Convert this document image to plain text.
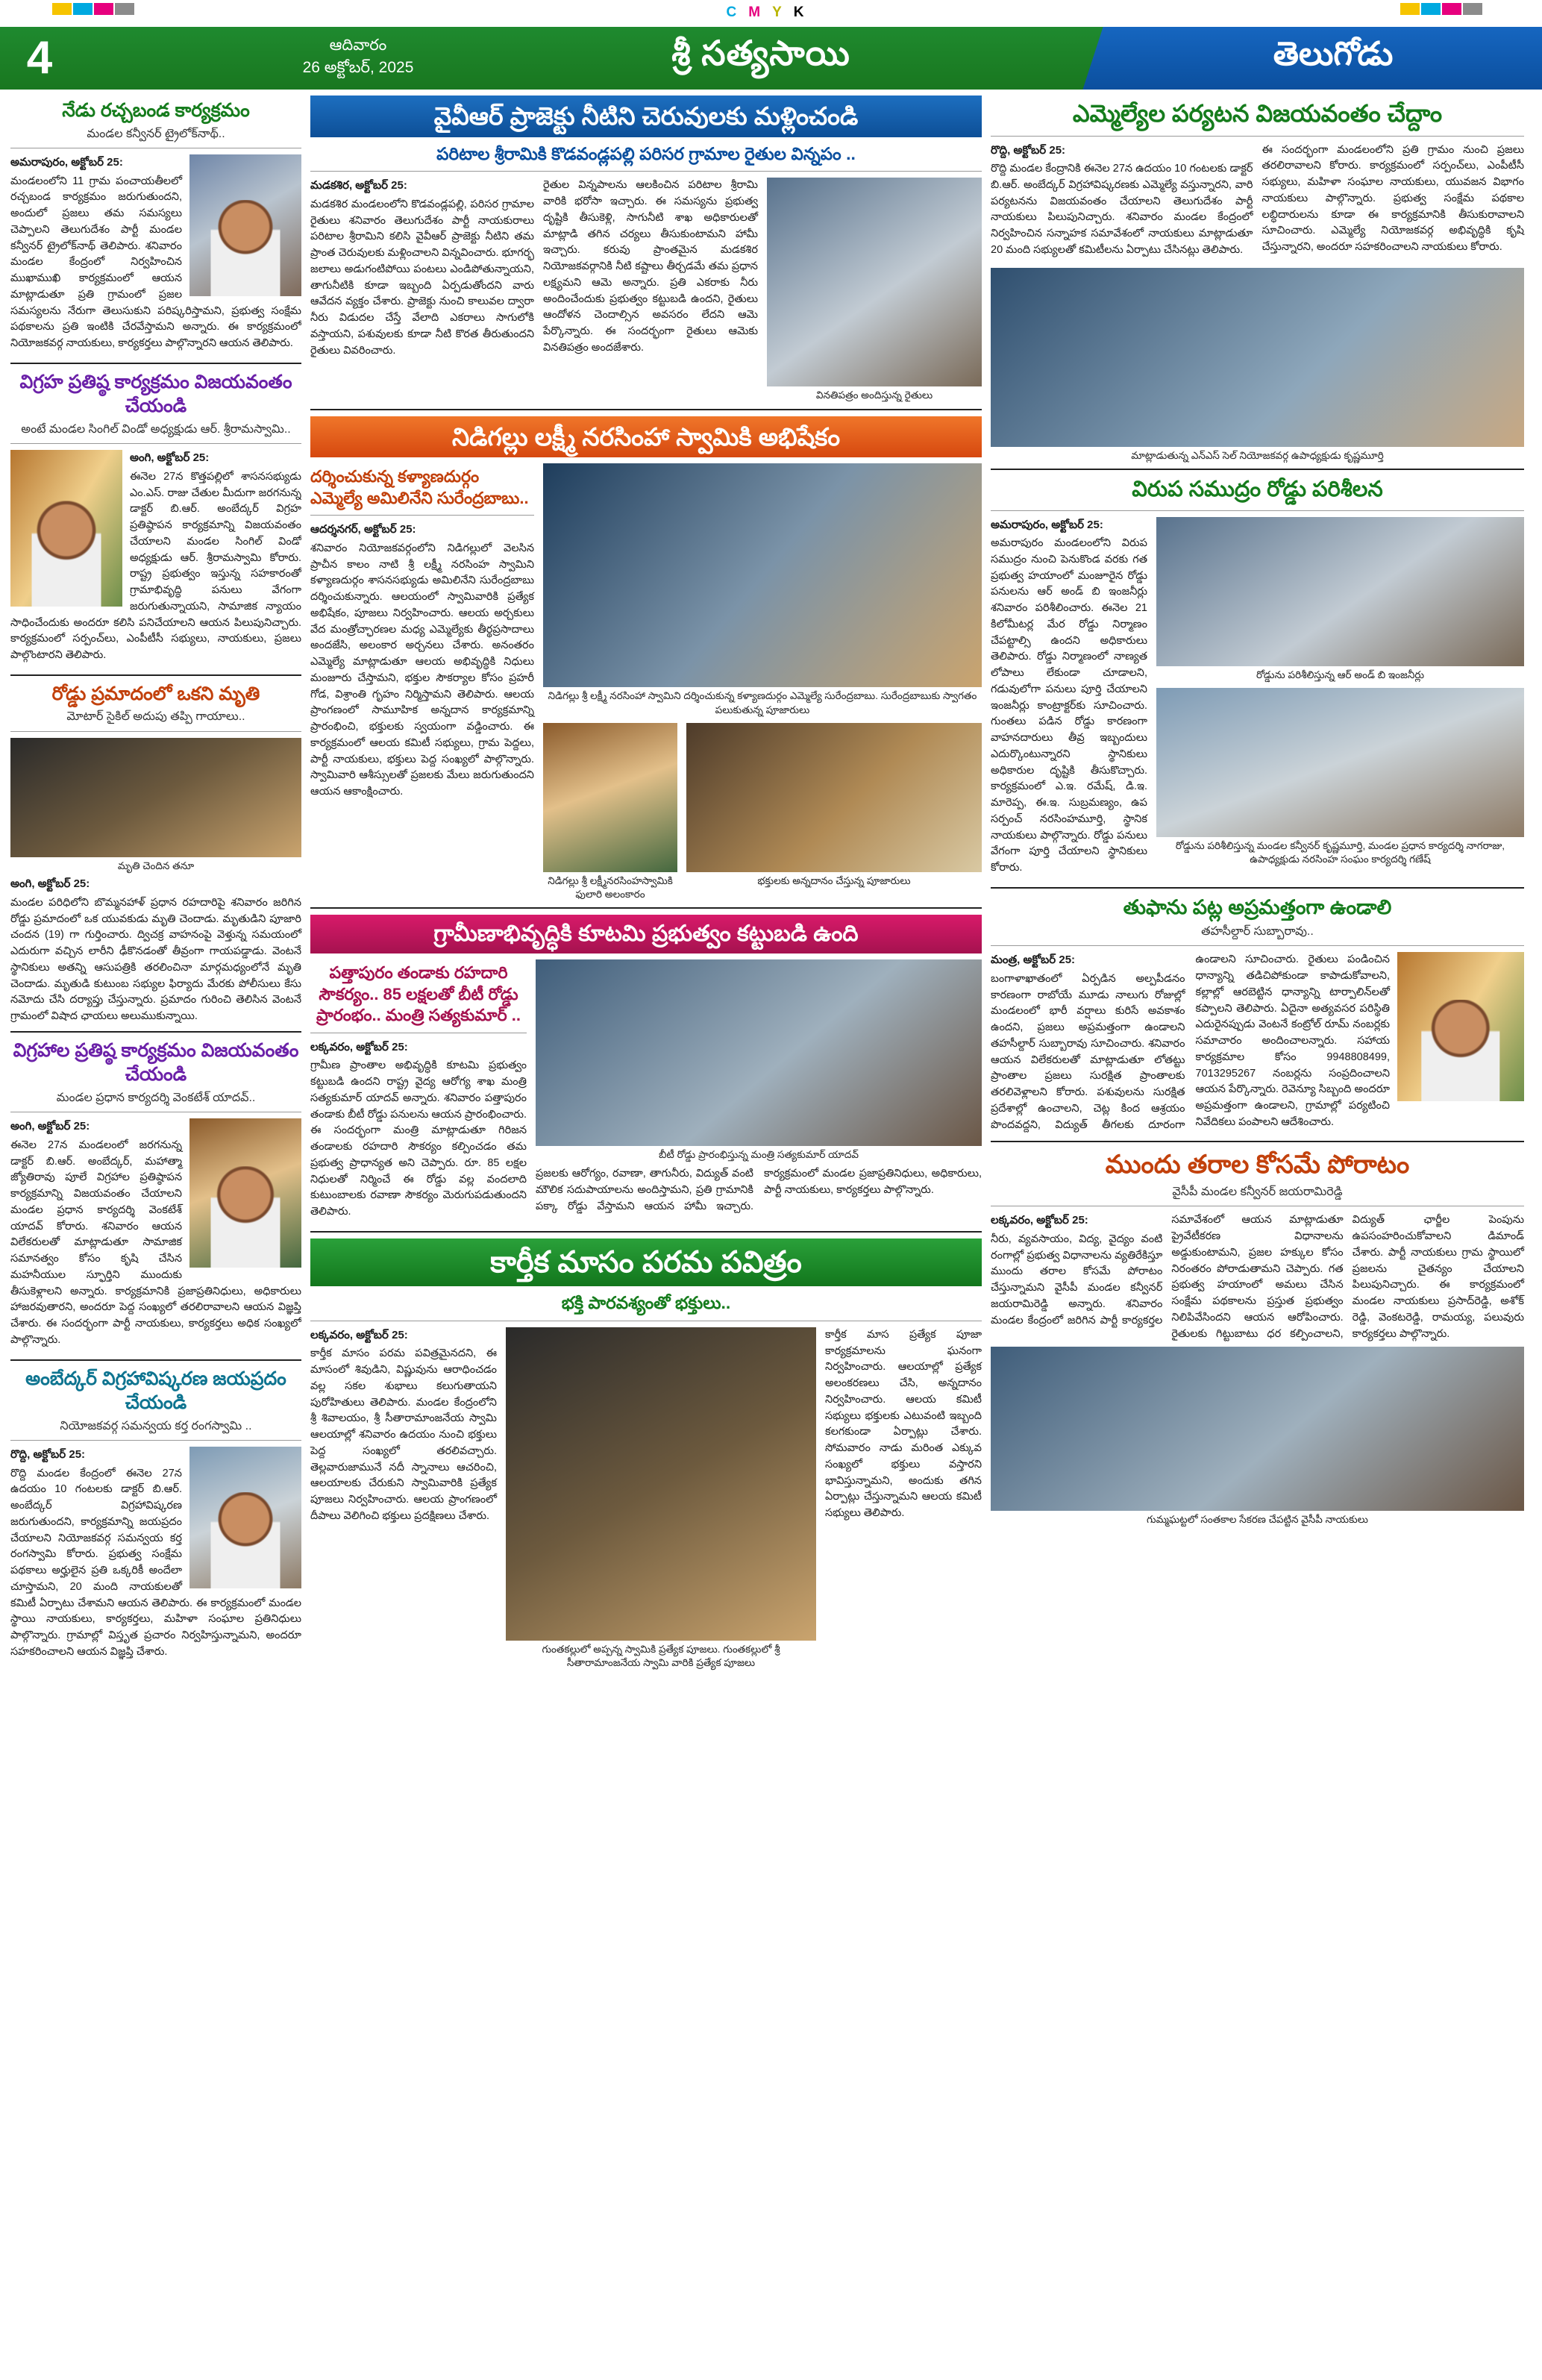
CMYK
4	ఆదివారం
26 అక్టోబర్, 2025	శ్రీ సత్యసాయి	తెలుగోడు
నేడు రచ్చబండ కార్యక్రమం
మండల కన్వీనర్ ట్రైలోక్‌నాథ్..
అమరాపురం, అక్టోబర్ 25:

మండలంలోని 11 గ్రామ పంచాయతీలలో రచ్చబండ కార్యక్రమం జరుగుతుందని, అందులో ప్రజలు తమ సమస్యలు చెప్పాలని తెలుగుదేశం పార్టీ మండల కన్వీనర్ ట్రైలోక్‌నాథ్ తెలిపారు. శనివారం మండల కేంద్రంలో నిర్వహించిన ముఖాముఖి కార్యక్రమంలో ఆయన మాట్లాడుతూ ప్రతి గ్రామంలో ప్రజల సమస్యలను నేరుగా తెలుసుకుని పరిష్కరిస్తామని, ప్రభుత్వ సంక్షేమ పథకాలను ప్రతి ఇంటికి చేరవేస్తామని అన్నారు. ఈ కార్యక్రమంలో నియోజకవర్గ నాయకులు, కార్యకర్తలు పాల్గొన్నారని ఆయన తెలిపారు.

విగ్రహ ప్రతిష్ఠ కార్యక్రమం విజయవంతం చేయండి
అంటే మండల సింగిల్ విండో అధ్యక్షుడు ఆర్. శ్రీరామస్వామి..
అంగి, అక్టోబర్ 25:

ఈనెల 27న కొత్తపల్లిలో శాసనసభ్యుడు ఎం.ఎస్. రాజు చేతుల మీదుగా జరగనున్న డాక్టర్ బి.ఆర్. అంబేద్కర్ విగ్రహ ప్రతిష్ఠాపన కార్యక్రమాన్ని విజయవంతం చేయాలని మండల సింగిల్ విండో అధ్యక్షుడు ఆర్. శ్రీరామస్వామి కోరారు. రాష్ట్ర ప్రభుత్వం ఇస్తున్న సహకారంతో గ్రామాభివృద్ధి పనులు వేగంగా జరుగుతున్నాయని, సామాజిక న్యాయం సాధించేందుకు అందరూ కలిసి పనిచేయాలని ఆయన పిలుపునిచ్చారు. కార్యక్రమంలో సర్పంచ్‌లు, ఎంపీటీసీ సభ్యులు, నాయకులు, ప్రజలు పాల్గొంటారని తెలిపారు.

రోడ్డు ప్రమాదంలో ఒకని మృతి
మోటార్ సైకిల్ అదుపు తప్పి గాయాలు..
మృతి చెందిన తనూ
అంగి, అక్టోబర్ 25:

మండల పరిధిలోని బొమ్మనహాళ్ ప్రధాన రహదారిపై శనివారం జరిగిన రోడ్డు ప్రమాదంలో ఒక యువకుడు మృతి చెందాడు. మృతుడిని పూజారి చందన (19) గా గుర్తించారు. ద్విచక్ర వాహనంపై వెళ్తున్న సమయంలో ఎదురుగా వచ్చిన లారీని ఢీకొనడంతో తీవ్రంగా గాయపడ్డాడు. వెంటనే స్థానికులు అతన్ని ఆసుపత్రికి తరలించినా మార్గమధ్యంలోనే మృతి చెందాడు. మృతుడి కుటుంబ సభ్యుల ఫిర్యాదు మేరకు పోలీసులు కేసు నమోదు చేసి దర్యాప్తు చేస్తున్నారు. ప్రమాదం గురించి తెలిసిన వెంటనే గ్రామంలో విషాద ఛాయలు అలుముకున్నాయి.

విగ్రహాల ప్రతిష్ఠ కార్యక్రమం విజయవంతం చేయండి
మండల ప్రధాన కార్యదర్శి వెంకటేశ్ యాదవ్..
అంగి, అక్టోబర్ 25:

ఈనెల 27న మండలంలో జరగనున్న డాక్టర్ బి.ఆర్. అంబేద్కర్, మహాత్మా జ్యోతిరావు పూలే విగ్రహాల ప్రతిష్ఠాపన కార్యక్రమాన్ని విజయవంతం చేయాలని మండల ప్రధాన కార్యదర్శి వెంకటేశ్ యాదవ్ కోరారు. శనివారం ఆయన విలేకరులతో మాట్లాడుతూ సామాజిక సమానత్వం కోసం కృషి చేసిన మహనీయుల స్ఫూర్తిని ముందుకు తీసుకెళ్లాలని అన్నారు. కార్యక్రమానికి ప్రజాప్రతినిధులు, అధికారులు హాజరవుతారని, అందరూ పెద్ద సంఖ్యలో తరలిరావాలని ఆయన విజ్ఞప్తి చేశారు. ఈ సందర్భంగా పార్టీ నాయకులు, కార్యకర్తలు అధిక సంఖ్యలో పాల్గొన్నారు.

అంబేద్కర్ విగ్రహావిష్కరణ జయప్రదం చేయండి
నియోజకవర్గ సమన్వయ కర్త రంగస్వామి ..
రొద్ది, అక్టోబర్ 25:

రొద్ది మండల కేంద్రంలో ఈనెల 27న ఉదయం 10 గంటలకు డాక్టర్ బి.ఆర్. అంబేద్కర్ విగ్రహావిష్కరణ జరుగుతుందని, కార్యక్రమాన్ని జయప్రదం చేయాలని నియోజకవర్గ సమన్వయ కర్త రంగస్వామి కోరారు. ప్రభుత్వ సంక్షేమ పథకాలు అర్హులైన ప్రతి ఒక్కరికీ అందేలా చూస్తామని, 20 మంది నాయకులతో కమిటీ ఏర్పాటు చేశామని ఆయన తెలిపారు. ఈ కార్యక్రమంలో మండల స్థాయి నాయకులు, కార్యకర్తలు, మహిళా సంఘాల ప్రతినిధులు పాల్గొన్నారు. గ్రామాల్లో విస్తృత ప్రచారం నిర్వహిస్తున్నామని, అందరూ సహకరించాలని ఆయన విజ్ఞప్తి చేశారు.

వైవీఆర్ ప్రాజెక్టు నీటిని చెరువులకు మళ్లించండి
పరిటాల శ్రీరామికి కొడవండ్లపల్లి పరిసర గ్రామాల రైతుల విన్నపం ..
మడకశిర, అక్టోబర్ 25:

మడకశిర మండలంలోని కొడవండ్లపల్లి, పరిసర గ్రామాల రైతులు శనివారం తెలుగుదేశం పార్టీ నాయకురాలు పరిటాల శ్రీరామిని కలిసి వైవీఆర్ ప్రాజెక్టు నీటిని తమ ప్రాంత చెరువులకు మళ్లించాలని విన్నవించారు. భూగర్భ జలాలు అడుగంటిపోయి పంటలు ఎండిపోతున్నాయని, తాగునీటికి కూడా ఇబ్బంది ఏర్పడుతోందని వారు ఆవేదన వ్యక్తం చేశారు. ప్రాజెక్టు నుంచి కాలువల ద్వారా నీరు విడుదల చేస్తే వేలాది ఎకరాలు సాగులోకి వస్తాయని, పశువులకు కూడా నీటి కొరత తీరుతుందని రైతులు వివరించారు.

రైతుల విన్నపాలను ఆలకించిన పరిటాల శ్రీరామి వారికి భరోసా ఇచ్చారు. ఈ సమస్యను ప్రభుత్వ దృష్టికి తీసుకెళ్లి, సాగునీటి శాఖ అధికారులతో మాట్లాడి తగిన చర్యలు తీసుకుంటామని హామీ ఇచ్చారు. కరువు ప్రాంతమైన మడకశిర నియోజకవర్గానికి నీటి కష్టాలు తీర్చడమే తమ ప్రధాన లక్ష్యమని ఆమె అన్నారు. ప్రతి ఎకరాకు నీరు అందించేందుకు ప్రభుత్వం కట్టుబడి ఉందని, రైతులు ఆందోళన చెందాల్సిన అవసరం లేదని ఆమె పేర్కొన్నారు. ఈ సందర్భంగా రైతులు ఆమెకు వినతిపత్రం అందజేశారు.

వినతిపత్రం అందిస్తున్న రైతులు
నిడిగల్లు లక్ష్మీ నరసింహా స్వామికి అభిషేకం
దర్శించుకున్న కళ్యాణదుర్గం ఎమ్మెల్యే అమిలినేని సురేంద్రబాబు..
ఆదర్శనగర్, అక్టోబర్ 25:

శనివారం నియోజకవర్గంలోని నిడిగల్లులో వెలసిన ప్రాచీన కాలం నాటి శ్రీ లక్ష్మీ నరసింహ స్వామిని కళ్యాణదుర్గం శాసనసభ్యుడు అమిలినేని సురేంద్రబాబు దర్శించుకున్నారు. ఆలయంలో స్వామివారికి ప్రత్యేక అభిషేకం, పూజలు నిర్వహించారు. ఆలయ అర్చకులు వేద మంత్రోచ్ఛారణల మధ్య ఎమ్మెల్యేకు తీర్థప్రసాదాలు అందజేసి, అలంకార అర్చనలు చేశారు. అనంతరం ఎమ్మెల్యే మాట్లాడుతూ ఆలయ అభివృద్ధికి నిధులు మంజూరు చేస్తామని, భక్తుల సౌకర్యాల కోసం ప్రహరీ గోడ, విశ్రాంతి గృహం నిర్మిస్తామని తెలిపారు. ఆలయ ప్రాంగణంలో సామూహిక అన్నదాన కార్యక్రమాన్ని ప్రారంభించి, భక్తులకు స్వయంగా వడ్డించారు. ఈ కార్యక్రమంలో ఆలయ కమిటీ సభ్యులు, గ్రామ పెద్దలు, పార్టీ నాయకులు, భక్తులు పెద్ద సంఖ్యలో పాల్గొన్నారు. స్వామివారి ఆశీస్సులతో ప్రజలకు మేలు జరుగుతుందని ఆయన ఆకాంక్షించారు.

నిడిగల్లు శ్రీ లక్ష్మీ నరసింహా స్వామిని దర్శించుకున్న కళ్యాణదుర్గం ఎమ్మెల్యే సురేంద్రబాబు. సురేంద్రబాబుకు స్వాగతం పలుకుతున్న పూజారులు
నిడిగల్లు శ్రీ లక్ష్మీనరసింహస్వామికి ఫులారి అలంకారం
భక్తులకు అన్నదానం చేస్తున్న పూజారులు
గ్రామీణాభివృద్ధికి కూటమి ప్రభుత్వం కట్టుబడి ఉంది
పత్తాపురం తండాకు రహదారి సౌకర్యం.. 85 లక్షలతో బీటీ రోడ్డు ప్రారంభం.. మంత్రి సత్యకుమార్ ..
లక్కవరం, అక్టోబర్ 25:

గ్రామీణ ప్రాంతాల అభివృద్ధికి కూటమి ప్రభుత్వం కట్టుబడి ఉందని రాష్ట్ర వైద్య ఆరోగ్య శాఖ మంత్రి సత్యకుమార్ యాదవ్ అన్నారు. శనివారం పత్తాపురం తండాకు బీటీ రోడ్డు పనులను ఆయన ప్రారంభించారు. ఈ సందర్భంగా మంత్రి మాట్లాడుతూ గిరిజన తండాలకు రహదారి సౌకర్యం కల్పించడం తమ ప్రభుత్వ ప్రాధాన్యత అని చెప్పారు. రూ. 85 లక్షల నిధులతో నిర్మించే ఈ రోడ్డు వల్ల వందలాది కుటుంబాలకు రవాణా సౌకర్యం మెరుగుపడుతుందని తెలిపారు.

బీటీ రోడ్డు ప్రారంభిస్తున్న మంత్రి సత్యకుమార్ యాదవ్

ప్రజలకు ఆరోగ్యం, రవాణా, తాగునీరు, విద్యుత్ వంటి మౌలిక సదుపాయాలను అందిస్తామని, ప్రతి గ్రామానికి పక్కా రోడ్డు వేస్తామని ఆయన హామీ ఇచ్చారు. కార్యక్రమంలో మండల ప్రజాప్రతినిధులు, అధికారులు, పార్టీ నాయకులు, కార్యకర్తలు పాల్గొన్నారు.

కార్తీక మాసం పరమ పవిత్రం
భక్తి పారవశ్యంతో భక్తులు..
లక్కవరం, అక్టోబర్ 25:

కార్తీక మాసం పరమ పవిత్రమైనదని, ఈ మాసంలో శివుడిని, విష్ణువును ఆరాధించడం వల్ల సకల శుభాలు కలుగుతాయని పురోహితులు తెలిపారు. మండల కేంద్రంలోని శ్రీ శివాలయం, శ్రీ సీతారామాంజనేయ స్వామి ఆలయాల్లో శనివారం ఉదయం నుంచి భక్తులు పెద్ద సంఖ్యలో తరలివచ్చారు. తెల్లవారుజామునే నదీ స్నానాలు ఆచరించి, ఆలయాలకు చేరుకుని స్వామివారికి ప్రత్యేక పూజలు నిర్వహించారు. ఆలయ ప్రాంగణంలో దీపాలు వెలిగించి భక్తులు ప్రదక్షిణలు చేశారు.

గుంతకల్లులో అప్పన్న స్వామికి ప్రత్యేక పూజలు. గుంతకల్లులో శ్రీ సీతారామాంజనేయ స్వామి వారికి ప్రత్యేక పూజలు

కార్తీక మాస ప్రత్యేక పూజా కార్యక్రమాలను ఘనంగా నిర్వహించారు. ఆలయాల్లో ప్రత్యేక అలంకరణలు చేసి, అన్నదానం నిర్వహించారు. ఆలయ కమిటీ సభ్యులు భక్తులకు ఎటువంటి ఇబ్బంది కలగకుండా ఏర్పాట్లు చేశారు. సోమవారం నాడు మరింత ఎక్కువ సంఖ్యలో భక్తులు వస్తారని భావిస్తున్నామని, అందుకు తగిన ఏర్పాట్లు చేస్తున్నామని ఆలయ కమిటీ సభ్యులు తెలిపారు.

ఎమ్మెల్యేల పర్యటన విజయవంతం చేద్దాం
రొద్ది, అక్టోబర్ 25:

రొద్ది మండల కేంద్రానికి ఈనెల 27న ఉదయం 10 గంటలకు డాక్టర్ బి.ఆర్. అంబేద్కర్ విగ్రహావిష్కరణకు ఎమ్మెల్యే వస్తున్నారని, వారి పర్యటనను విజయవంతం చేయాలని తెలుగుదేశం పార్టీ నాయకులు పిలుపునిచ్చారు. శనివారం మండల కేంద్రంలో నిర్వహించిన సన్నాహక సమావేశంలో నాయకులు మాట్లాడుతూ 20 మంది సభ్యులతో కమిటీలను ఏర్పాటు చేసినట్లు తెలిపారు.

ఈ సందర్భంగా మండలంలోని ప్రతి గ్రామం నుంచి ప్రజలు తరలిరావాలని కోరారు. కార్యక్రమంలో సర్పంచ్‌లు, ఎంపీటీసీ సభ్యులు, మహిళా సంఘాల నాయకులు, యువజన విభాగం నాయకులు పాల్గొన్నారు. ప్రభుత్వ సంక్షేమ పథకాల లబ్ధిదారులను కూడా ఈ కార్యక్రమానికి తీసుకురావాలని సూచించారు. ఎమ్మెల్యే నియోజకవర్గ అభివృద్ధికి కృషి చేస్తున్నారని, అందరూ సహకరించాలని నాయకులు కోరారు.

మాట్లాడుతున్న ఎన్‌ఎస్ సెల్ నియోజకవర్గ ఉపాధ్యక్షుడు కృష్ణమూర్తి
విరుప సముద్రం రోడ్డు పరిశీలన
అమరాపురం, అక్టోబర్ 25:

అమరాపురం మండలంలోని విరుప సముద్రం నుంచి పెనుకొండ వరకు గత ప్రభుత్వ హయాంలో మంజూరైన రోడ్డు పనులను ఆర్ అండ్ బి ఇంజనీర్లు శనివారం పరిశీలించారు. ఈనెల 21 కిలోమీటర్ల మేర రోడ్డు నిర్మాణం చేపట్టాల్సి ఉందని అధికారులు తెలిపారు. రోడ్డు నిర్మాణంలో నాణ్యత లోపాలు లేకుండా చూడాలని, గడువులోగా పనులు పూర్తి చేయాలని ఇంజనీర్లు కాంట్రాక్టర్‌కు సూచించారు. గుంతలు పడిన రోడ్డు కారణంగా వాహనదారులు తీవ్ర ఇబ్బందులు ఎదుర్కొంటున్నారని స్థానికులు అధికారుల దృష్టికి తీసుకొచ్చారు. కార్యక్రమంలో ఎ.ఇ. రమేష్, డి.ఇ. మారెప్ప, ఈ.ఇ. సుబ్రమణ్యం, ఉప సర్పంచ్ నరసింహమూర్తి, స్థానిక నాయకులు పాల్గొన్నారు. రోడ్డు పనులు వేగంగా పూర్తి చేయాలని స్థానికులు కోరారు.

రోడ్డును పరిశీలిస్తున్న ఆర్ అండ్ బి ఇంజనీర్లు
రోడ్డును పరిశీలిస్తున్న మండల కన్వీనర్ కృష్ణమూర్తి, మండల ప్రధాన కార్యదర్శి నాగరాజు, ఉపాధ్యక్షుడు నరసింహ సంఘం కార్యదర్శి గణేష్
తుఫాను పట్ల అప్రమత్తంగా ఉండాలి
తహసీల్దార్ సుబ్బారావు..
మంత్ర, అక్టోబర్ 25:

బంగాళాఖాతంలో ఏర్పడిన అల్పపీడనం కారణంగా రాబోయే మూడు నాలుగు రోజుల్లో మండలంలో భారీ వర్షాలు కురిసే అవకాశం ఉందని, ప్రజలు అప్రమత్తంగా ఉండాలని తహసీల్దార్ సుబ్బారావు సూచించారు. శనివారం ఆయన విలేకరులతో మాట్లాడుతూ లోతట్టు ప్రాంతాల ప్రజలు సురక్షిత ప్రాంతాలకు తరలివెళ్లాలని కోరారు. పశువులను సురక్షిత ప్రదేశాల్లో ఉంచాలని, చెట్ల కింద ఆశ్రయం పొందవద్దని, విద్యుత్ తీగలకు దూరంగా ఉండాలని సూచించారు. రైతులు పండించిన ధాన్యాన్ని తడిచిపోకుండా కాపాడుకోవాలని, కల్లాల్లో ఆరబెట్టిన ధాన్యాన్ని టార్పాలిన్‌లతో కప్పాలని తెలిపారు. ఏదైనా అత్యవసర పరిస్థితి ఎదురైనప్పుడు వెంటనే కంట్రోల్ రూమ్ నంబర్లకు సమాచారం అందించాలన్నారు. సహాయ కార్యక్రమాల కోసం 9948808499, 7013295267 నంబర్లను సంప్రదించాలని ఆయన పేర్కొన్నారు. రెవెన్యూ సిబ్బంది అందరూ అప్రమత్తంగా ఉండాలని, గ్రామాల్లో పర్యటించి నివేదికలు పంపాలని ఆదేశించారు.

ముందు తరాల కోసమే పోరాటం
వైసీపీ మండల కన్వీనర్ జయరామిరెడ్డి
లక్కవరం, అక్టోబర్ 25:

నీరు, వ్యవసాయం, విద్య, వైద్యం వంటి రంగాల్లో ప్రభుత్వ విధానాలను వ్యతిరేకిస్తూ ముందు తరాల కోసమే పోరాటం చేస్తున్నామని వైసీపీ మండల కన్వీనర్ జయరామిరెడ్డి అన్నారు. శనివారం మండల కేంద్రంలో జరిగిన పార్టీ కార్యకర్తల సమావేశంలో ఆయన మాట్లాడుతూ ప్రైవేటీకరణ విధానాలను అడ్డుకుంటామని, ప్రజల హక్కుల కోసం నిరంతరం పోరాడుతామని చెప్పారు. గత ప్రభుత్వ హయాంలో అమలు చేసిన సంక్షేమ పథకాలను ప్రస్తుత ప్రభుత్వం నిలిపివేసిందని ఆయన ఆరోపించారు. రైతులకు గిట్టుబాటు ధర కల్పించాలని, విద్యుత్ ఛార్జీల పెంపును ఉపసంహరించుకోవాలని డిమాండ్ చేశారు. పార్టీ నాయకులు గ్రామ స్థాయిలో ప్రజలను చైతన్యం చేయాలని పిలుపునిచ్చారు. ఈ కార్యక్రమంలో మండల నాయకులు ప్రసాద్‌రెడ్డి, అశోక్ రెడ్డి, వెంకటరెడ్డి, రామయ్య, పలువురు కార్యకర్తలు పాల్గొన్నారు.

గుమ్మఘట్టలో సంతకాల సేకరణ చేపట్టిన వైసీపీ నాయకులు
